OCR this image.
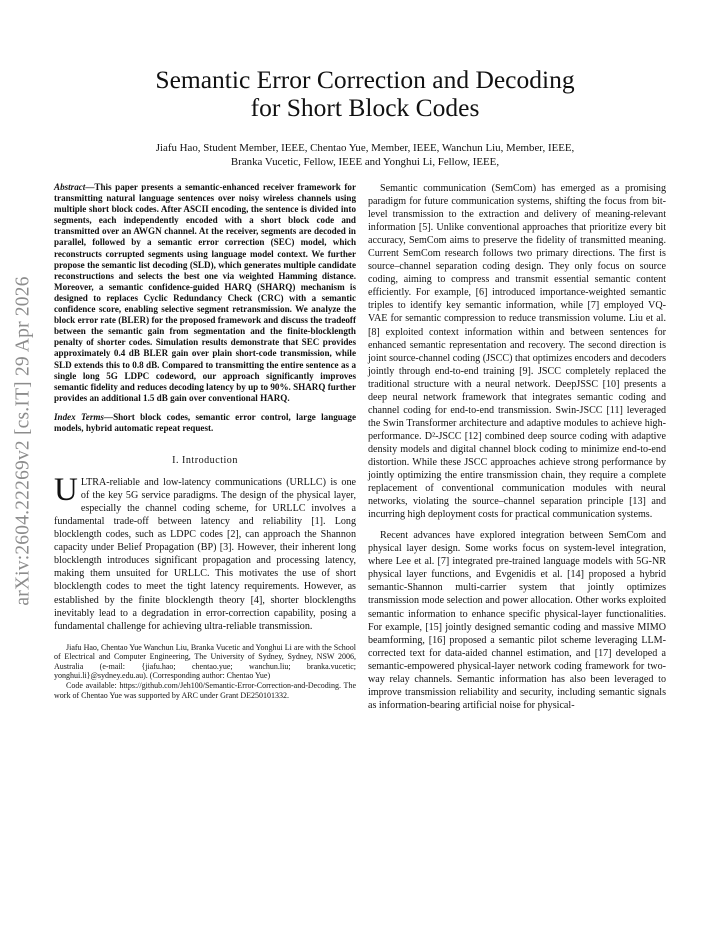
arXiv:2604.22269v2 [cs.IT] 29 Apr 2026
Semantic Error Correction and Decoding
for Short Block Codes
Jiafu Hao, Student Member, IEEE, Chentao Yue, Member, IEEE, Wanchun Liu, Member, IEEE,
Branka Vucetic, Fellow, IEEE and Yonghui Li, Fellow, IEEE,

Abstract—This paper presents a semantic-enhanced receiver framework for transmitting natural language sentences over noisy wireless channels using multiple short block codes. After ASCII encoding, the sentence is divided into segments, each independently encoded with a short block code and transmitted over an AWGN channel. At the receiver, segments are decoded in parallel, followed by a semantic error correction (SEC) model, which reconstructs corrupted segments using language model context. We further propose the semantic list decoding (SLD), which generates multiple candidate reconstructions and selects the best one via weighted Hamming distance. Moreover, a semantic confidence-guided HARQ (SHARQ) mechanism is designed to replaces Cyclic Redundancy Check (CRC) with a semantic confidence score, enabling selective segment retransmission. We analyze the block error rate (BLER) for the proposed framework and discuss the tradeoff between the semantic gain from segmentation and the finite-blocklength penalty of shorter codes. Simulation results demonstrate that SEC provides approximately 0.4 dB BLER gain over plain short-code transmission, while SLD extends this to 0.8 dB. Compared to transmitting the entire sentence as a single long 5G LDPC codeword, our approach significantly improves semantic fidelity and reduces decoding latency by up to 90%. SHARQ further provides an additional 1.5 dB gain over conventional HARQ.

Index Terms—Short block codes, semantic error control, large language models, hybrid automatic repeat request.

I. Introduction

ULTRA-reliable and low-latency communications (URLLC) is one of the key 5G service paradigms. The design of the physical layer, especially the channel coding scheme, for URLLC involves a fundamental trade-off between latency and reliability [1]. Long blocklength codes, such as LDPC codes [2], can approach the Shannon capacity under Belief Propagation (BP) [3]. However, their inherent long blocklength introduces significant propagation and processing latency, making them unsuited for URLLC. This motivates the use of short blocklength codes to meet the tight latency requirements. However, as established by the finite blocklength theory [4], shorter blocklengths inevitably lead to a degradation in error-correction capability, posing a fundamental challenge for achieving ultra-reliable transmission.

Jiafu Hao, Chentao Yue Wanchun Liu, Branka Vucetic and Yonghui Li are with the School of Electrical and Computer Engineering, The University of Sydney, Sydney, NSW 2006, Australia (e-mail: {jiafu.hao; chentao.yue; wanchun.liu; branka.vucetic; yonghui.li}@sydney.edu.au). (Corresponding author: Chentao Yue)

Code available: https://github.com/Jeh100/Semantic-Error-Correction-and-Decoding. The work of Chentao Yue was supported by ARC under Grant DE250101332.

Semantic communication (SemCom) has emerged as a promising paradigm for future communication systems, shifting the focus from bit-level transmission to the extraction and delivery of meaning-relevant information [5]. Unlike conventional approaches that prioritize every bit accuracy, SemCom aims to preserve the fidelity of transmitted meaning. Current SemCom research follows two primary directions. The first is source–channel separation coding design. They only focus on source coding, aiming to compress and transmit essential semantic content efficiently. For example, [6] introduced importance-weighted semantic triples to identify key semantic information, while [7] employed VQ-VAE for semantic compression to reduce transmission volume. Liu et al. [8] exploited context information within and between sentences for enhanced semantic representation and recovery. The second direction is joint source-channel coding (JSCC) that optimizes encoders and decoders jointly through end-to-end training [9]. JSCC completely replaced the traditional structure with a neural network. DeepJSSC [10] presents a deep neural network framework that integrates semantic coding and channel coding for end-to-end transmission. Swin-JSCC [11] leveraged the Swin Transformer architecture and adaptive modules to achieve high-performance. D²-JSCC [12] combined deep source coding with adaptive density models and digital channel block coding to minimize end-to-end distortion. While these JSCC approaches achieve strong performance by jointly optimizing the entire transmission chain, they require a complete replacement of conventional communication modules with neural networks, violating the source–channel separation principle [13] and incurring high deployment costs for practical communication systems.

Recent advances have explored integration between SemCom and physical layer design. Some works focus on system-level integration, where Lee et al. [7] integrated pre-trained language models with 5G-NR physical layer functions, and Evgenidis et al. [14] proposed a hybrid semantic-Shannon multi-carrier system that jointly optimizes transmission mode selection and power allocation. Other works exploited semantic information to enhance specific physical-layer functionalities. For example, [15] jointly designed semantic coding and massive MIMO beamforming, [16] proposed a semantic pilot scheme leveraging LLM-corrected text for data-aided channel estimation, and [17] developed a semantic-empowered physical-layer network coding framework for two-way relay channels. Semantic information has also been leveraged to improve transmission reliability and security, including semantic signals as information-bearing artificial noise for physical-
